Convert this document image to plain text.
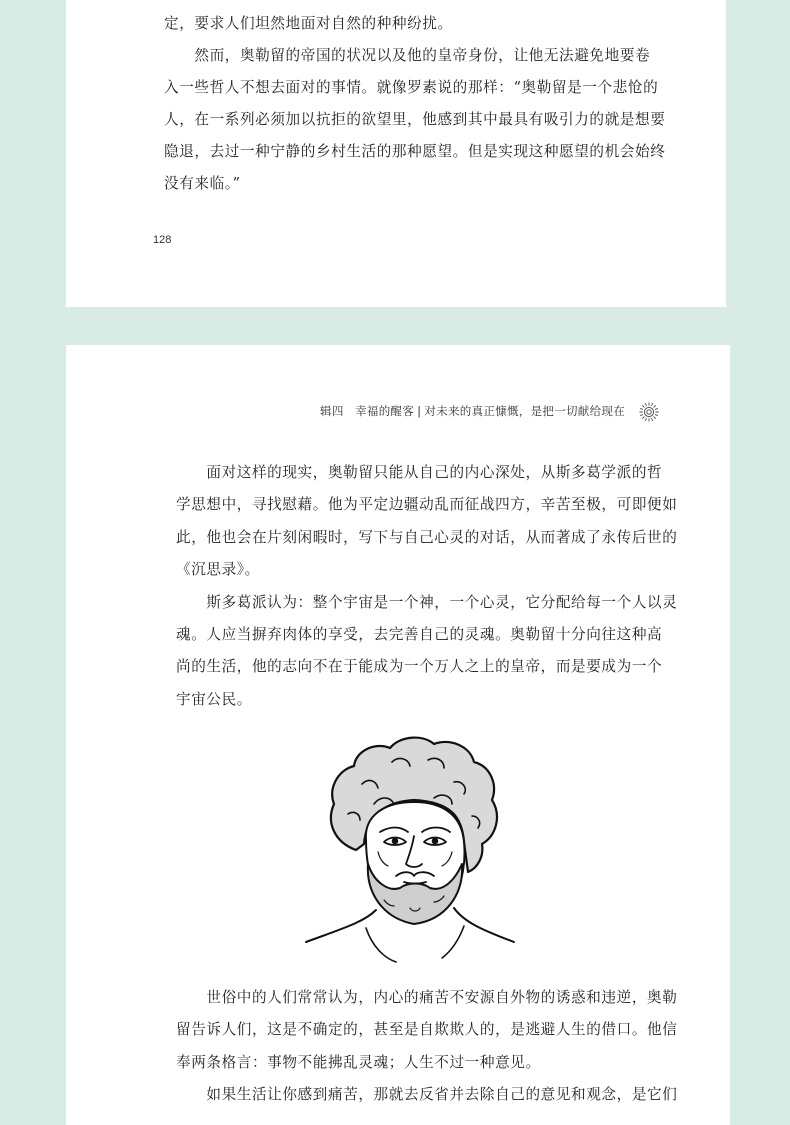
定，要求人们坦然地面对自然的种种纷扰。
　　然而，奥勒留的帝国的状况以及他的皇帝身份，让他无法避免地要卷
入一些哲人不想去面对的事情。就像罗素说的那样：“奥勒留是一个悲怆的
人，在一系列必须加以抗拒的欲望里，他感到其中最具有吸引力的就是想要
隐退，去过一种宁静的乡村生活的那种愿望。但是实现这种愿望的机会始终
没有来临。”
128
辑四 幸福的醒客 | 对未来的真正慷慨，是把一切献给现在
　　面对这样的现实，奥勒留只能从自己的内心深处，从斯多葛学派的哲
学思想中，寻找慰藉。他为平定边疆动乱而征战四方，辛苦至极，可即便如
此，他也会在片刻闲暇时，写下与自己心灵的对话，从而著成了永传后世的
《沉思录》。
　　斯多葛派认为：整个宇宙是一个神，一个心灵，它分配给每一个人以灵
魂。人应当摒弃肉体的享受，去完善自己的灵魂。奥勒留十分向往这种高
尚的生活，他的志向不在于能成为一个万人之上的皇帝，而是要成为一个
宇宙公民。
　　世俗中的人们常常认为，内心的痛苦不安源自外物的诱惑和违逆，奥勒
留告诉人们，这是不确定的，甚至是自欺欺人的，是逃避人生的借口。他信
奉两条格言：事物不能拂乱灵魂；人生不过一种意见。
　　如果生活让你感到痛苦，那就去反省并去除自己的意见和观念，是它们
